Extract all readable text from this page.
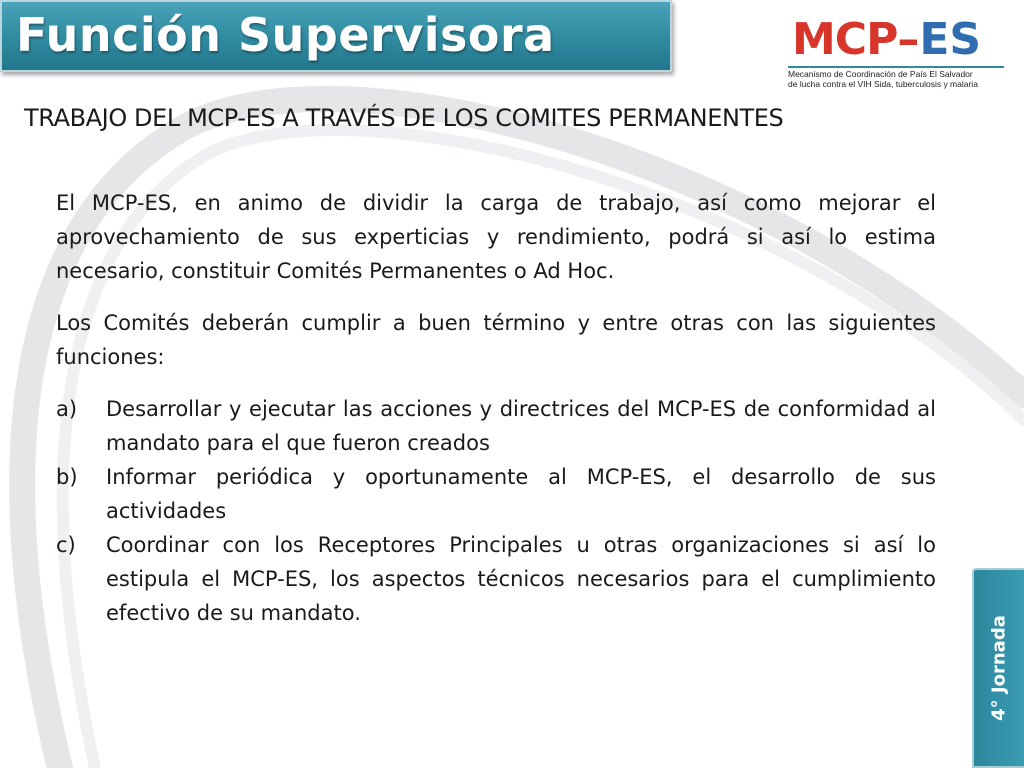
Función Supervisora	MCP–ES
Mecanismo de Coordinación de País El Salvador
de lucha contra el VIH Sida, tuberculosis y malaria
TRABAJO DEL MCP-ES A TRAVÉS DE LOS COMITES PERMANENTES

El MCP-ES, en animo de dividir la carga de trabajo, así como mejorar el aprovechamiento de sus experticias y rendimiento, podrá si así lo estima necesario, constituir Comités Permanentes o Ad Hoc.

Los Comités deberán cumplir a buen término y entre otras con las siguientes funciones:

a) Desarrollar y ejecutar las acciones y directrices del MCP-ES de conformidad al mandato para el que fueron creados
b) Informar periódica y oportunamente al MCP-ES, el desarrollo de sus actividades
c) Coordinar con los Receptores Principales u otras organizaciones si así lo estipula el MCP-ES, los aspectos técnicos necesarios para el cumplimiento efectivo de su mandato.
4° Jornada
